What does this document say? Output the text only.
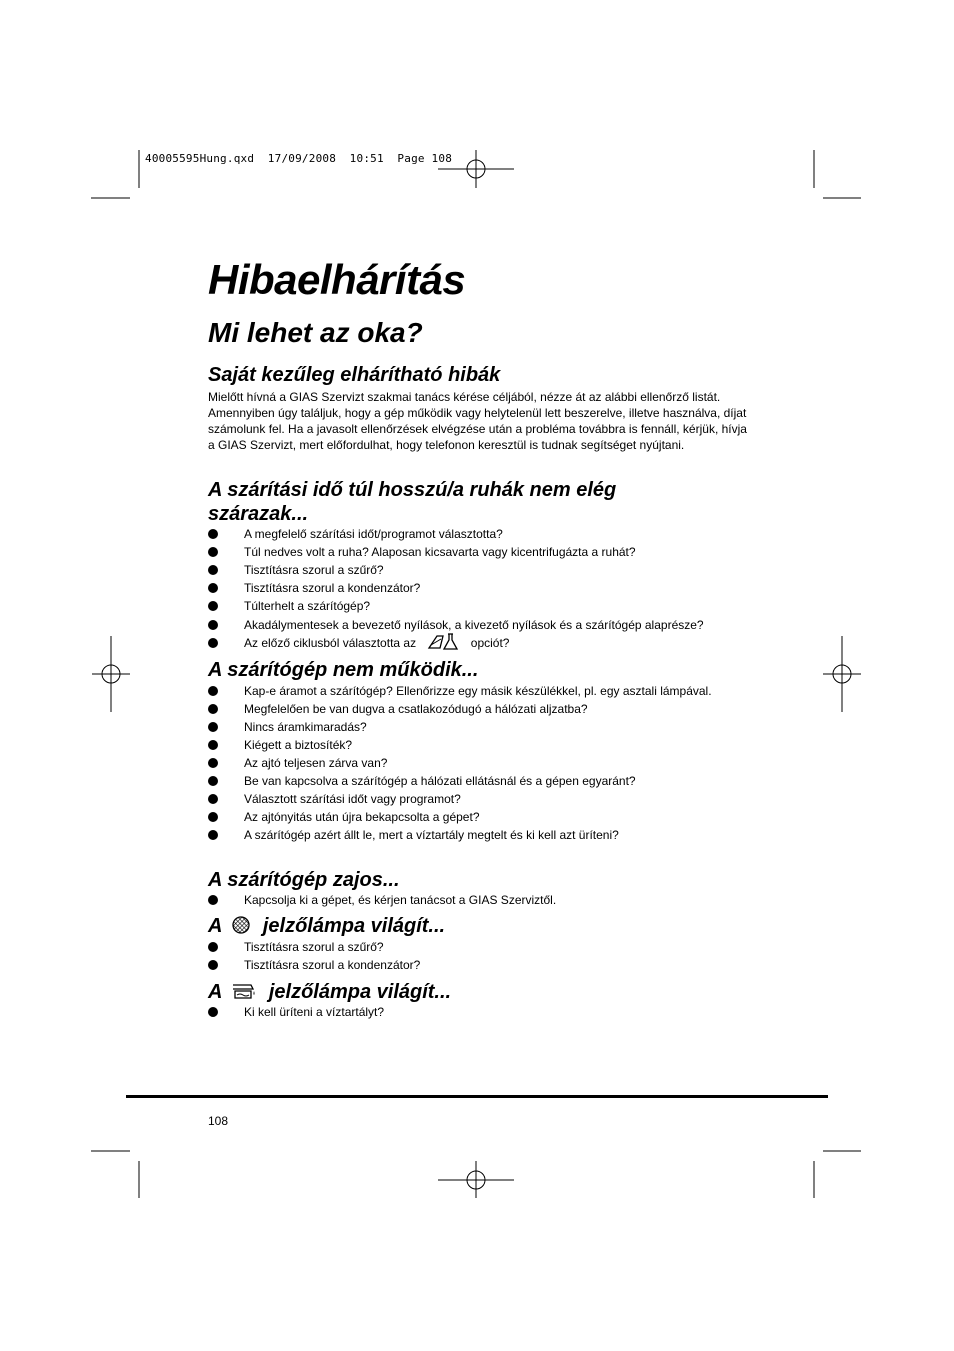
40005595Hung.qxd  17/09/2008  10:51  Page 108
Hibaelhárítás
Mi lehet az oka?
Saját kezűleg elhárítható hibák

Mielőtt hívná a GIAS Szervizt szakmai tanács kérése céljából, nézze át az alábbi ellenőrző listát. Amennyiben úgy találjuk, hogy a gép működik vagy helytelenül lett beszerelve, illetve használva, díjat számolunk fel. Ha a javasolt ellenőrzések elvégzése után a probléma továbbra is fennáll, kérjük, hívja a GIAS Szervizt, mert előfordulhat, hogy telefonon keresztül is tudnak segítséget nyújtani.

A szárítási idő túl hosszú/a ruhák nem elég
szárazak...
A megfelelő szárítási időt/programot választotta?
Túl nedves volt a ruha? Alaposan kicsavarta vagy kicentrifugázta a ruhát?
Tisztításra szorul a szűrő?
Tisztításra szorul a kondenzátor?
Túlterhelt a szárítógép?
Akadálymentesek a bevezető nyílások, a kivezető nyílások és a szárítógép alaprésze?
Az előző ciklusból választotta az	opciót?
A szárítógép nem működik...
Kap-e áramot a szárítógép? Ellenőrizze egy másik készülékkel, pl. egy asztali lámpával.
Megfelelően be van dugva a csatlakozódugó a hálózati aljzatba?
Nincs áramkimaradás?
Kiégett a biztosíték?
Az ajtó teljesen zárva van?
Be van kapcsolva a szárítógép a hálózati ellátásnál és a gépen egyaránt?
Választott szárítási időt vagy programot?
Az ajtónyitás után újra bekapcsolta a gépet?
A szárítógép azért állt le, mert a víztartály megtelt és ki kell azt üríteni?
A szárítógép zajos...
Kapcsolja ki a gépet, és kérjen tanácsot a GIAS Szerviztől.
A jelzőlámpa világít...
Tisztításra szorul a szűrő?
Tisztításra szorul a kondenzátor?
A jelzőlámpa világít...
Ki kell üríteni a víztartályt?
108
